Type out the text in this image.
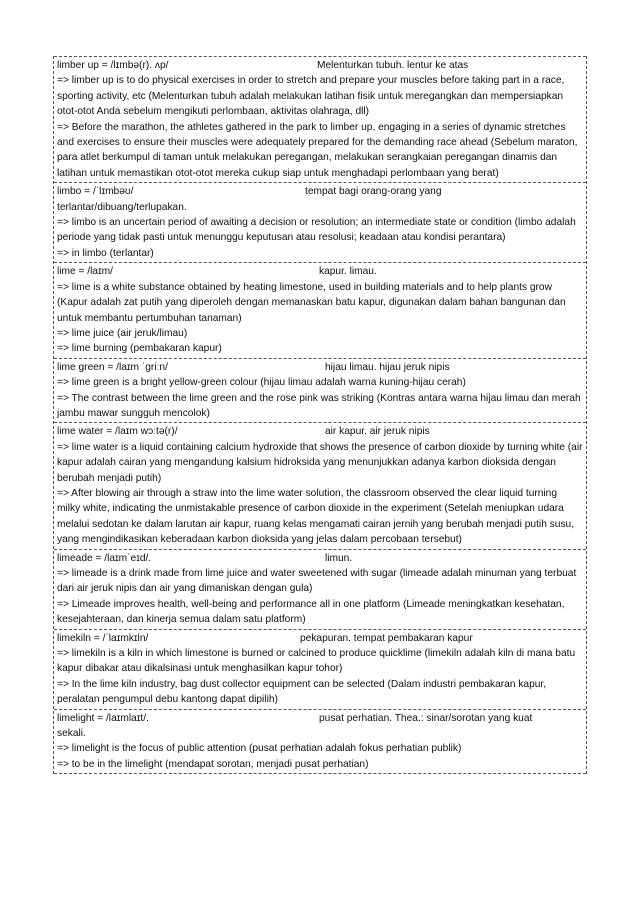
limber up = /lɪmbə(r). ʌp/	Melenturkan tubuh. lentur ke atas
=> limber up is to do physical exercises in order to stretch and prepare your muscles before taking part in a race, sporting activity, etc (Melenturkan tubuh adalah melakukan latihan fisik untuk meregangkan dan mempersiapkan otot-otot Anda sebelum mengikuti perlombaan, aktivitas olahraga, dll)
=> Before the marathon, the athletes gathered in the park to limber up, engaging in a series of dynamic stretches and exercises to ensure their muscles were adequately prepared for the demanding race ahead (Sebelum maraton, para atlet berkumpul di taman untuk melakukan peregangan, melakukan serangkaian peregangan dinamis dan latihan untuk memastikan otot-otot mereka cukup siap untuk menghadapi perlombaan yang berat)
limbo = /ˈlɪmbəʊ/	tempat bagi orang-orang yang
terlantar/dibuang/terlupakan.
=> limbo is an uncertain period of awaiting a decision or resolution; an intermediate state or condition (limbo adalah periode yang tidak pasti untuk menunggu keputusan atau resolusi; keadaan atau kondisi perantara)
=> in limbo (terlantar)
lime = /laɪm/	kapur. limau.
=> lime is a white substance obtained by heating limestone, used in building materials and to help plants grow (Kapur adalah zat putih yang diperoleh dengan memanaskan batu kapur, digunakan dalam bahan bangunan dan untuk membantu pertumbuhan tanaman)
=> lime juice (air jeruk/limau)
=> lime burning (pembakaran kapur)
lime green = /laɪm ˈɡriːn/	hijau limau. hijau jeruk nipis
=> lime green is a bright yellow-green colour (hijau limau adalah warna kuning-hijau cerah)
=> The contrast between the lime green and the rose pink was striking (Kontras antara warna hijau limau dan merah jambu mawar sungguh mencolok)
lime water = /laɪm wɔːtə(r)/	air kapur. air jeruk nipis
=> lime water is a liquid containing calcium hydroxide that shows the presence of carbon dioxide by turning white (air kapur adalah cairan yang mengandung kalsium hidroksida yang menunjukkan adanya karbon dioksida dengan berubah menjadi putih)
=> After blowing air through a straw into the lime water solution, the classroom observed the clear liquid turning milky white, indicating the unmistakable presence of carbon dioxide in the experiment (Setelah meniupkan udara melalui sedotan ke dalam larutan air kapur, ruang kelas mengamati cairan jernih yang berubah menjadi putih susu, yang mengindikasikan keberadaan karbon dioksida yang jelas dalam percobaan tersebut)
limeade = /laɪmˈeɪd/.	limun.
=> limeade is a drink made from lime juice and water sweetened with sugar (limeade adalah minuman yang terbuat dari air jeruk nipis dan air yang dimaniskan dengan gula)
=> Limeade improves health, well-being and performance all in one platform (Limeade meningkatkan kesehatan, kesejahteraan, dan kinerja semua dalam satu platform)
limekiln = /ˈlaɪmkɪln/	pekapuran. tempat pembakaran kapur
=> limekiln is a kiln in which limestone is burned or calcined to produce quicklime (limekiln adalah kiln di mana batu kapur dibakar atau dikalsinasi untuk menghasilkan kapur tohor)
=> In the lime kiln industry, bag dust collector equipment can be selected (Dalam industri pembakaran kapur, peralatan pengumpul debu kantong dapat dipilih)
limelight = /laɪmlaɪt/.	pusat perhatian. Thea.: sinar/sorotan yang kuat
sekali.
=> limelight is the focus of public attention (pusat perhatian adalah fokus perhatian publik)
=> to be in the limelight (mendapat sorotan, menjadi pusat perhatian)
